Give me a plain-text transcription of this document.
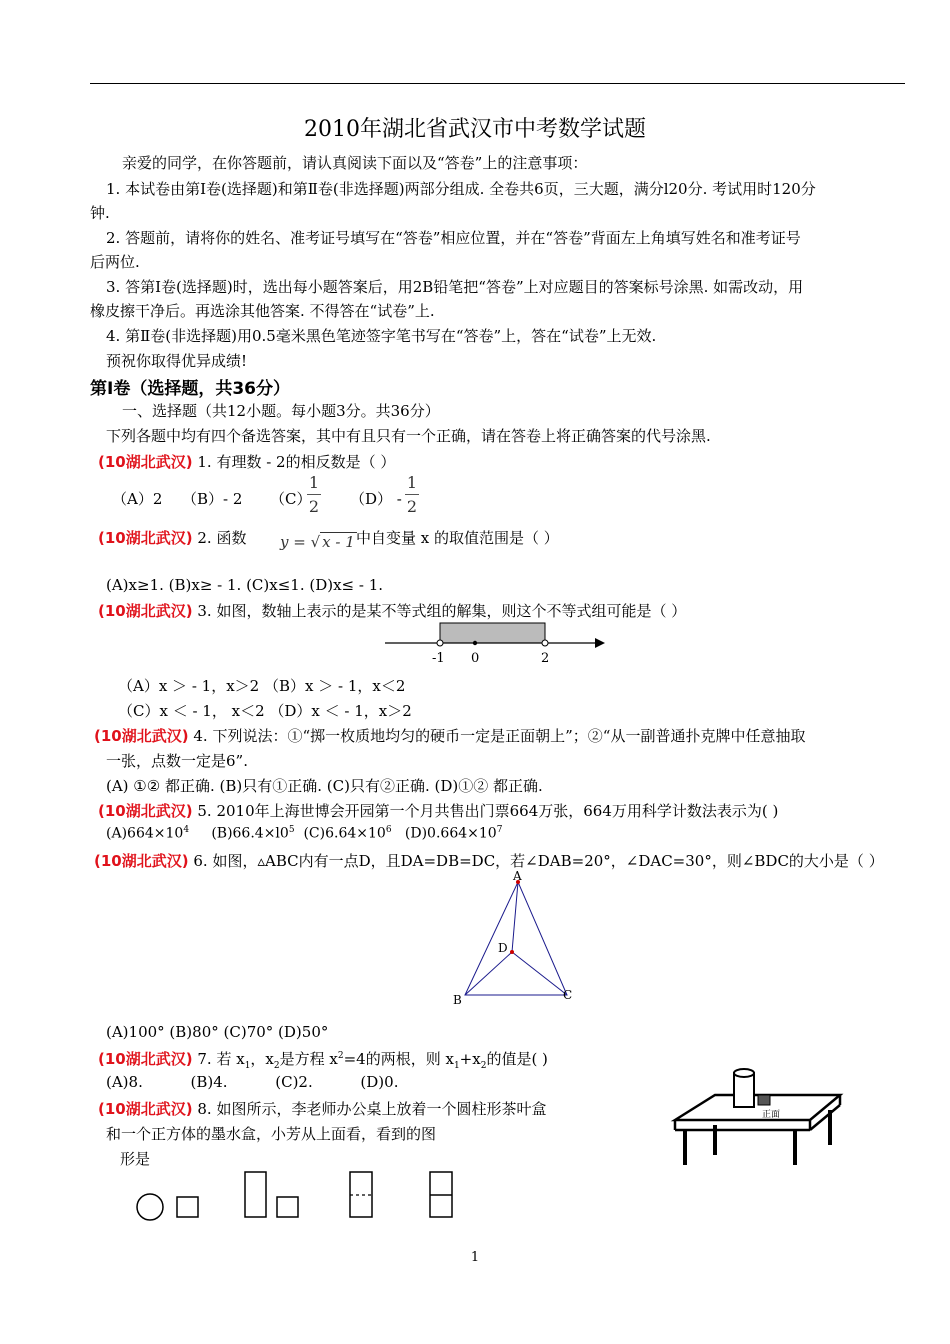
2010年湖北省武汉市中考数学试题
亲爱的同学，在你答题前，请认真阅读下面以及“答卷”上的注意事项：
1. 本试卷由第Ⅰ卷(选择题)和第Ⅱ卷(非选择题)两部分组成. 全卷共6页，三大题，满分l20分. 考试用时120分
钟.
2. 答题前，请将你的姓名、准考证号填写在“答卷”相应位置，并在“答卷”背面左上角填写姓名和准考证号
后两位.
3. 答第Ⅰ卷(选择题)时，选出每小题答案后，用2B铅笔把“答卷”上对应题目的答案标号涂黑. 如需改动，用
橡皮擦干净后。再选涂其他答案. 不得答在“试卷”上.
4. 第Ⅱ卷(非选择题)用0.5毫米黑色笔迹签字笔书写在“答卷”上，答在“试卷”上无效.
预祝你取得优异成绩!
第Ⅰ卷（选择题，共36分）
一、选择题（共12小题。每小题3分。共36分）
下列各题中均有四个备选答案，其中有且只有一个正确，请在答卷上将正确答案的代号涂黑.
(10湖北武汉) 1. 有理数 - 2的相反数是（ ）
（A）2 （B）- 2 （C）
1
2 （D） -
1
2
(10湖北武汉) 2. 函数 y = √ x - 1 中自变量 x 的取值范围是（ ）
(A)x≥1. (B)x≥ - 1. (C)x≤1. (D)x≤ - 1.
(10湖北武汉) 3. 如图，数轴上表示的是某不等式组的解集，则这个不等式组可能是（ ）
-1 0	2
（A）x ＞ - 1，x＞2 （B）x ＞ - 1，x＜2
（C）x ＜ - 1， x＜2 （D）x ＜ - 1，x＞2
(10湖北武汉) 4. 下列说法：①“掷一枚质地均匀的硬币一定是正面朝上”；②“从一副普通扑克牌中任意抽取
一张，点数一定是6”.
(A) ①② 都正确. (B)只有①正确. (C)只有②正确. (D)①② 都正确.
(10湖北武汉) 5. 2010年上海世博会开园第一个月共售出门票664万张，664万用科学计数法表示为( )
$(A)664\times 10^4$ $(B)66.4\times l0^5$ $(C)6.64\times 10^6$ $(D)0.664\times 10^7$
(10湖北武汉) 6. 如图，▵ABC内有一点D，且DA=DB=DC，若∠DAB=20°，∠DAC=30°，则∠BDC的大小是（ ）
A
D
B	C
(A)100° (B)80° (C)70° (D)50°
(10湖北武汉) 7. 若 $x_1$，$x_2$是方程 $x^2=4$的两根，则 $x_1+x_2$的值是( )
(A)8.          (B)4.          (C)2.          (D)0.
(10湖北武汉) 8. 如图所示，李老师办公桌上放着一个圆柱形茶叶盒
和一个正方体的墨水盒，小芳从上面看，看到的图
形是
正面
1
